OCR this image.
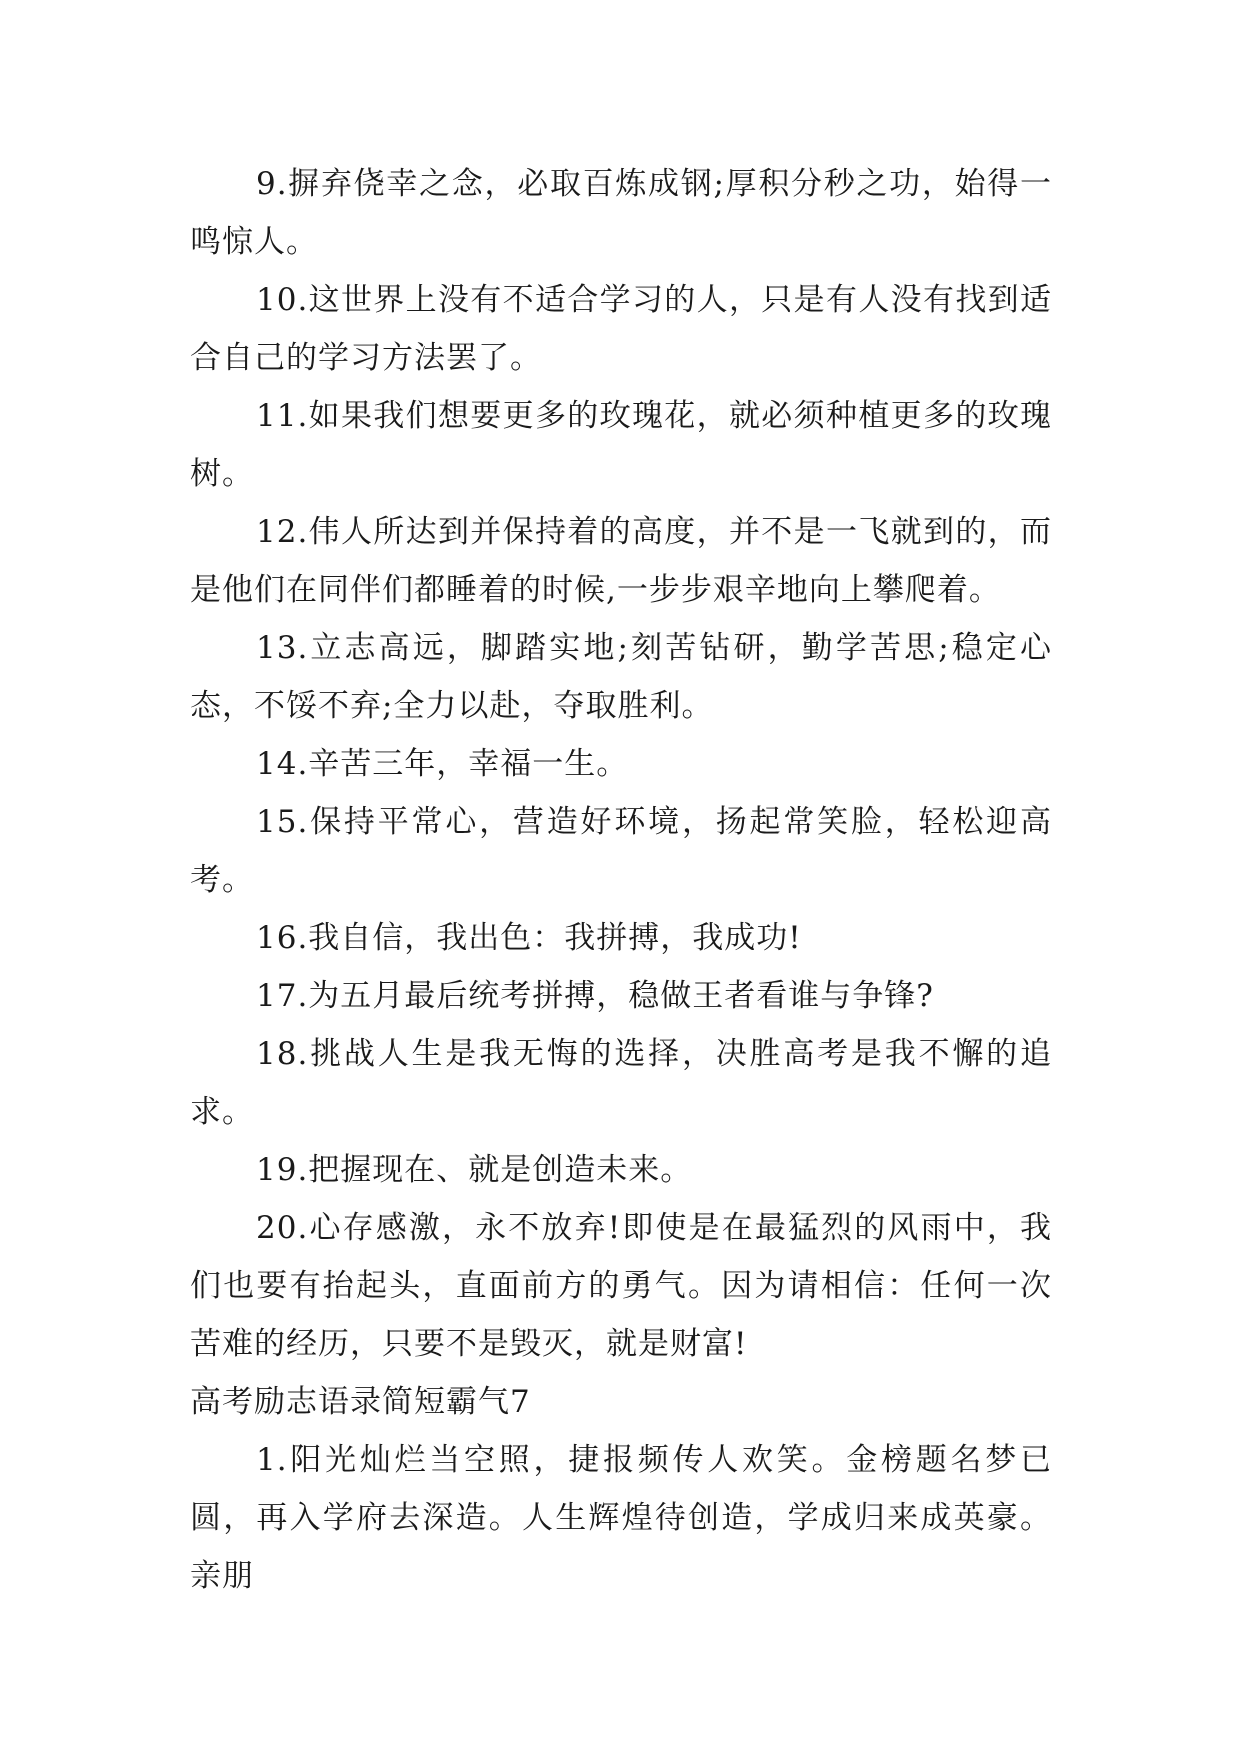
9.摒弃侥幸之念，必取百炼成钢;厚积分秒之功，始得一鸣惊人。

10.这世界上没有不适合学习的人，只是有人没有找到适合自己的学习方法罢了。

11.如果我们想要更多的玫瑰花，就必须种植更多的玫瑰树。

12.伟人所达到并保持着的高度，并不是一飞就到的，而是他们在同伴们都睡着的时候,一步步艰辛地向上攀爬着。

13.立志高远，脚踏实地;刻苦钻研，勤学苦思;稳定心态，不馁不弃;全力以赴，夺取胜利。

14.辛苦三年，幸福一生。

15.保持平常心，营造好环境，扬起常笑脸，轻松迎高考。

16.我自信，我出色：我拼搏，我成功!

17.为五月最后统考拼搏，稳做王者看谁与争锋?

18.挑战人生是我无悔的选择，决胜高考是我不懈的追求。

19.把握现在、就是创造未来。

20.心存感激，永不放弃!即使是在最猛烈的风雨中，我们也要有抬起头，直面前方的勇气。因为请相信：任何一次苦难的经历，只要不是毁灭，就是财富!

高考励志语录简短霸气7

1.阳光灿烂当空照，捷报频传人欢笑。金榜题名梦已圆，再入学府去深造。人生辉煌待创造，学成归来成英豪。亲朋
